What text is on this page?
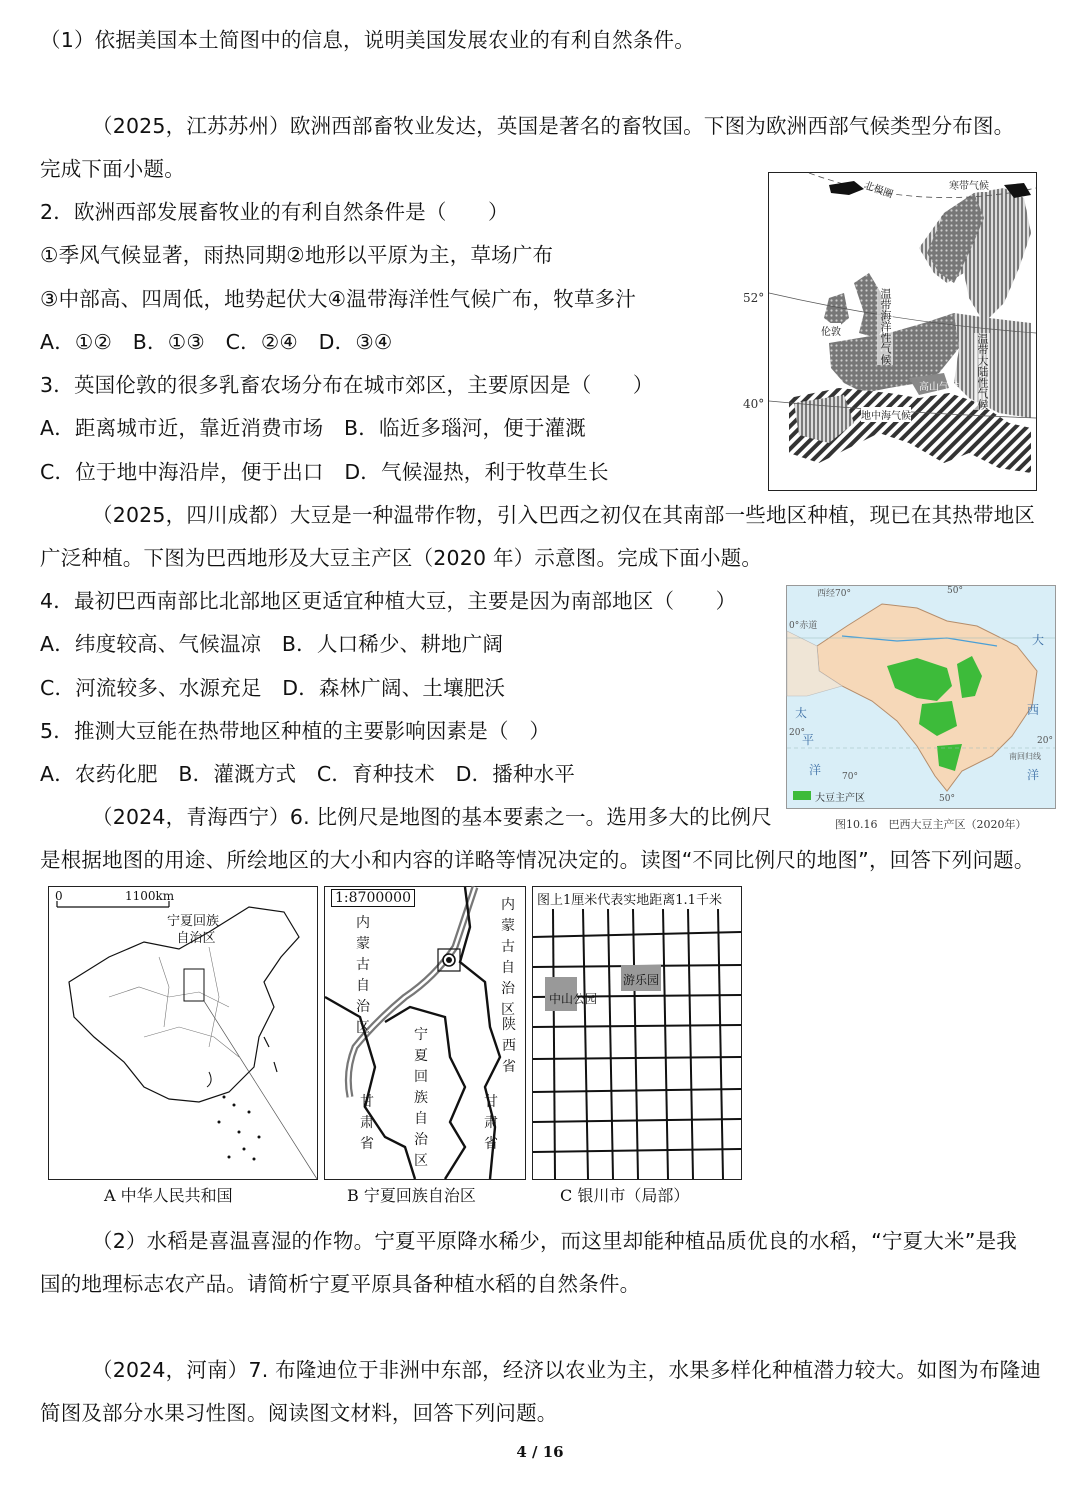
（1）依据美国本土简图中的信息，说明美国发展农业的有利自然条件。
（2025，江苏苏州）欧洲西部畜牧业发达，英国是著名的畜牧国。下图为欧洲西部气候类型分布图。
完成下面小题。
2．欧洲西部发展畜牧业的有利自然条件是（　　）
①季风气候显著，雨热同期②地形以平原为主，草场广布
③中部高、四周低，地势起伏大④温带海洋性气候广布，牧草多汁
A．①②　B．①③　C．②④　D．③④
3．英国伦敦的很多乳畜农场分布在城市郊区，主要原因是（　　）
A．距离城市近，靠近消费市场　B．临近多瑙河，便于灌溉
C．位于地中海沿岸，便于出口　D．气候湿热，利于牧草生长
（2025，四川成都）大豆是一种温带作物，引入巴西之初仅在其南部一些地区种植，现已在其热带地区
广泛种植。下图为巴西地形及大豆主产区（2020 年）示意图。完成下面小题。
4．最初巴西南部比北部地区更适宜种植大豆，主要是因为南部地区（　　）
A．纬度较高、气候温凉　B．人口稀少、耕地广阔
C．河流较多、水源充足　D．森林广阔、土壤肥沃
5．推测大豆能在热带地区种植的主要影响因素是（　）
A．农药化肥　B．灌溉方式　C．育种技术　D．播种水平
（2024，青海西宁）6. 比例尺是地图的基本要素之一。选用多大的比例尺
是根据地图的用途、所绘地区的大小和内容的详略等情况决定的。读图“不同比例尺的地图”，回答下列问题。
（2）水稻是喜温喜湿的作物。宁夏平原降水稀少，而这里却能种植品质优良的水稻，“宁夏大米”是我
国的地理标志农产品。请简析宁夏平原具备种植水稻的自然条件。
（2024，河南）7. 布隆迪位于非洲中东部，经济以农业为主，水果多样化种植潜力较大。如图为布隆迪
简图及部分水果习性图。阅读图文材料，回答下列问题。
4 / 16
52°
40°
北极圈	寒带气候
温带海洋性气候
温带大陆性气候
高山气候
地中海气候
伦敦
西经70°	50°
0°赤道
太
平
洋
大
西
洋
20°
南回归线
20°
70°
50°
大豆主产区
图10.16　巴西大豆主产区（2020年）
0	1100km
宁夏回族
自治区
A 中华人民共和国
1:8700000
内
蒙
古
自
治
区
内
蒙
古
自
治
区
宁
夏
回
族
自
治
区
陕
西
省
甘
肃
省
甘
肃
省
B 宁夏回族自治区
图上1厘米代表实地距离1.1千米
中山公园
游乐园
C 银川市（局部）
